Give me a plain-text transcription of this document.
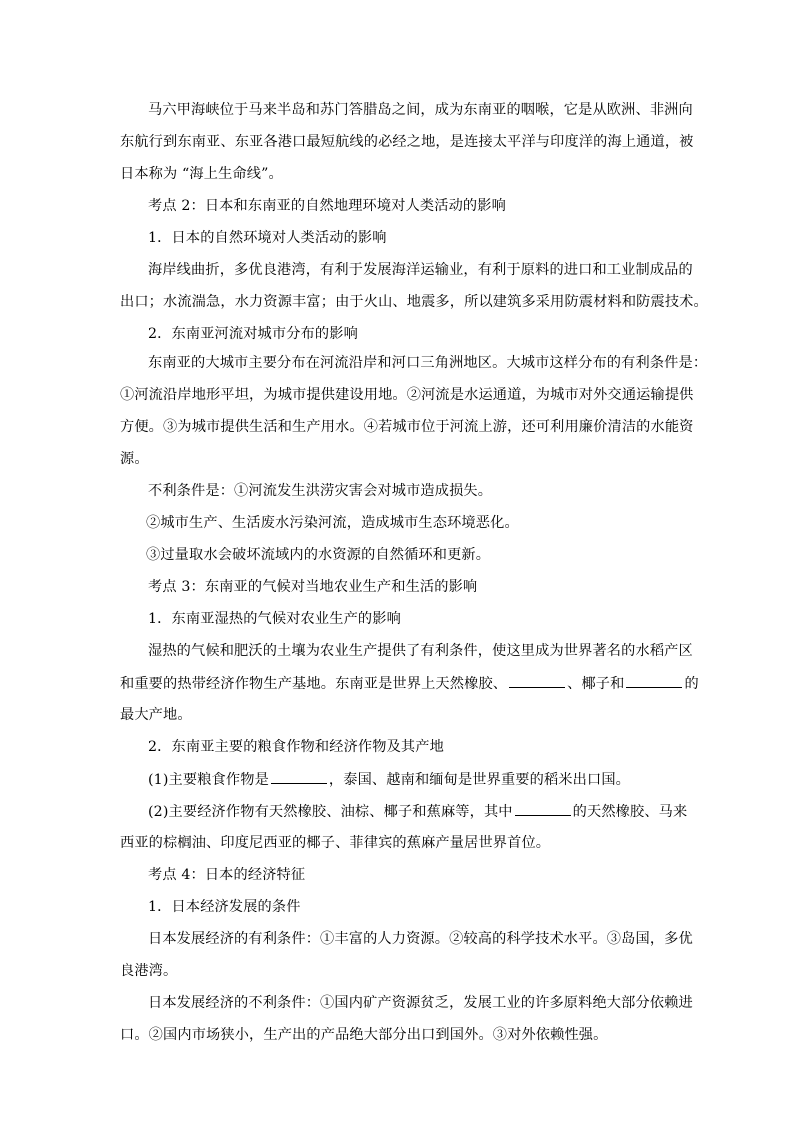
马六甲海峡位于马来半岛和苏门答腊岛之间，成为东南亚的咽喉，它是从欧洲、非洲向
东航行到东南亚、东亚各港口最短航线的必经之地，是连接太平洋与印度洋的海上通道，被
日本称为 “海上生命线”。
考点 2：日本和东南亚的自然地理环境对人类活动的影响
1．日本的自然环境对人类活动的影响
海岸线曲折，多优良港湾，有利于发展海洋运输业，有利于原料的进口和工业制成品的
出口；水流湍急，水力资源丰富；由于火山、地震多，所以建筑多采用防震材料和防震技术。
2．东南亚河流对城市分布的影响
东南亚的大城市主要分布在河流沿岸和河口三角洲地区。大城市这样分布的有利条件是：
①河流沿岸地形平坦，为城市提供建设用地。②河流是水运通道，为城市对外交通运输提供
方便。③为城市提供生活和生产用水。④若城市位于河流上游，还可利用廉价清洁的水能资
源。
不利条件是：①河流发生洪涝灾害会对城市造成损失。
②城市生产、生活废水污染河流，造成城市生态环境恶化。
③过量取水会破坏流域内的水资源的自然循环和更新。
考点 3：东南亚的气候对当地农业生产和生活的影响
1．东南亚湿热的气候对农业生产的影响
湿热的气候和肥沃的土壤为农业生产提供了有利条件，使这里成为世界著名的水稻产区
和重要的热带经济作物生产基地。东南亚是世界上天然橡胶、	、椰子和	的
最大产地。
2．东南亚主要的粮食作物和经济作物及其产地
(1)主要粮食作物是	，泰国、越南和缅甸是世界重要的稻米出口国。
(2)主要经济作物有天然橡胶、油棕、椰子和蕉麻等，其中	的天然橡胶、马来
西亚的棕榈油、印度尼西亚的椰子、菲律宾的蕉麻产量居世界首位。
考点 4：日本的经济特征
1．日本经济发展的条件
日本发展经济的有利条件：①丰富的人力资源。②较高的科学技术水平。③岛国，多优
良港湾。
日本发展经济的不利条件：①国内矿产资源贫乏，发展工业的许多原料绝大部分依赖进
口。②国内市场狭小，生产出的产品绝大部分出口到国外。③对外依赖性强。
